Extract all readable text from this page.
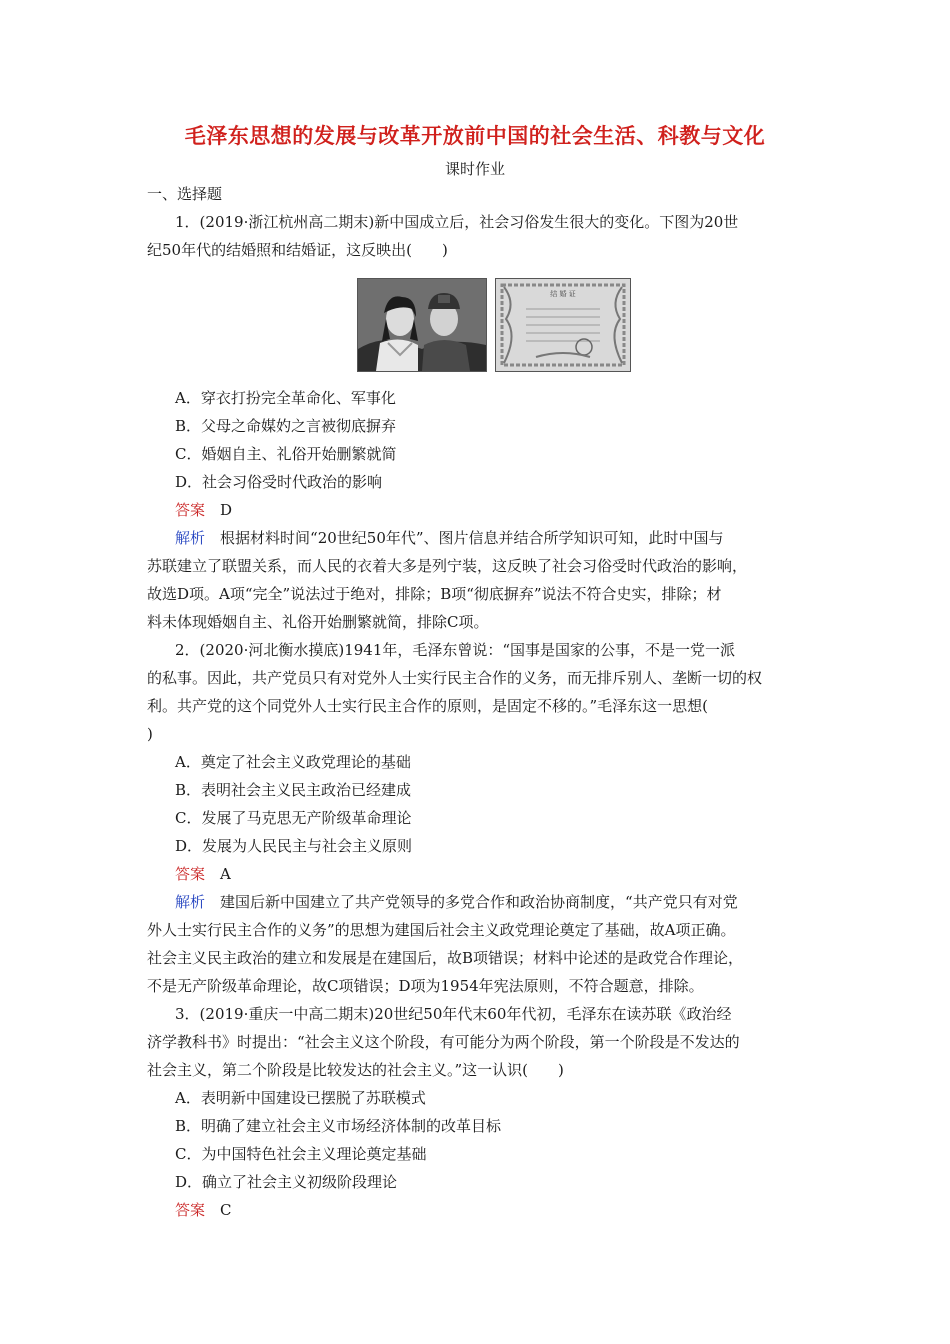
毛泽东思想的发展与改革开放前中国的社会生活、科教与文化
课时作业
一、选择题
1．(2019·浙江杭州高二期末)新中国成立后，社会习俗发生很大的变化。下图为20世
纪50年代的结婚照和结婚证，这反映出(　　)
结 婚 证
A．穿衣打扮完全革命化、军事化
B．父母之命媒妁之言被彻底摒弃
C．婚姻自主、礼俗开始删繁就简
D．社会习俗受时代政治的影响
答案　 D
解析　 根据材料时间“20世纪50年代”、图片信息并结合所学知识可知，此时中国与
苏联建立了联盟关系，而人民的衣着大多是列宁装，这反映了社会习俗受时代政治的影响，
故选D项。A项“完全”说法过于绝对，排除；B项“彻底摒弃”说法不符合史实，排除；材
料未体现婚姻自主、礼俗开始删繁就简，排除C项。
2．(2020·河北衡水摸底)1941年，毛泽东曾说：“国事是国家的公事，不是一党一派
的私事。因此，共产党员只有对党外人士实行民主合作的义务，而无排斥别人、垄断一切的权
利。共产党的这个同党外人士实行民主合作的原则，是固定不移的。”毛泽东这一思想(
)
A．奠定了社会主义政党理论的基础
B．表明社会主义民主政治已经建成
C．发展了马克思无产阶级革命理论
D．发展为人民民主与社会主义原则
答案　 A
解析　 建国后新中国建立了共产党领导的多党合作和政治协商制度，“共产党只有对党
外人士实行民主合作的义务”的思想为建国后社会主义政党理论奠定了基础，故A项正确。
社会主义民主政治的建立和发展是在建国后，故B项错误；材料中论述的是政党合作理论，
不是无产阶级革命理论，故C项错误；D项为1954年宪法原则，不符合题意，排除。
3．(2019·重庆一中高二期末)20世纪50年代末60年代初，毛泽东在读苏联《政治经
济学教科书》时提出：“社会主义这个阶段，有可能分为两个阶段，第一个阶段是不发达的
社会主义，第二个阶段是比较发达的社会主义。”这一认识(　　)
A．表明新中国建设已摆脱了苏联模式
B．明确了建立社会主义市场经济体制的改革目标
C．为中国特色社会主义理论奠定基础
D．确立了社会主义初级阶段理论
答案　 C
